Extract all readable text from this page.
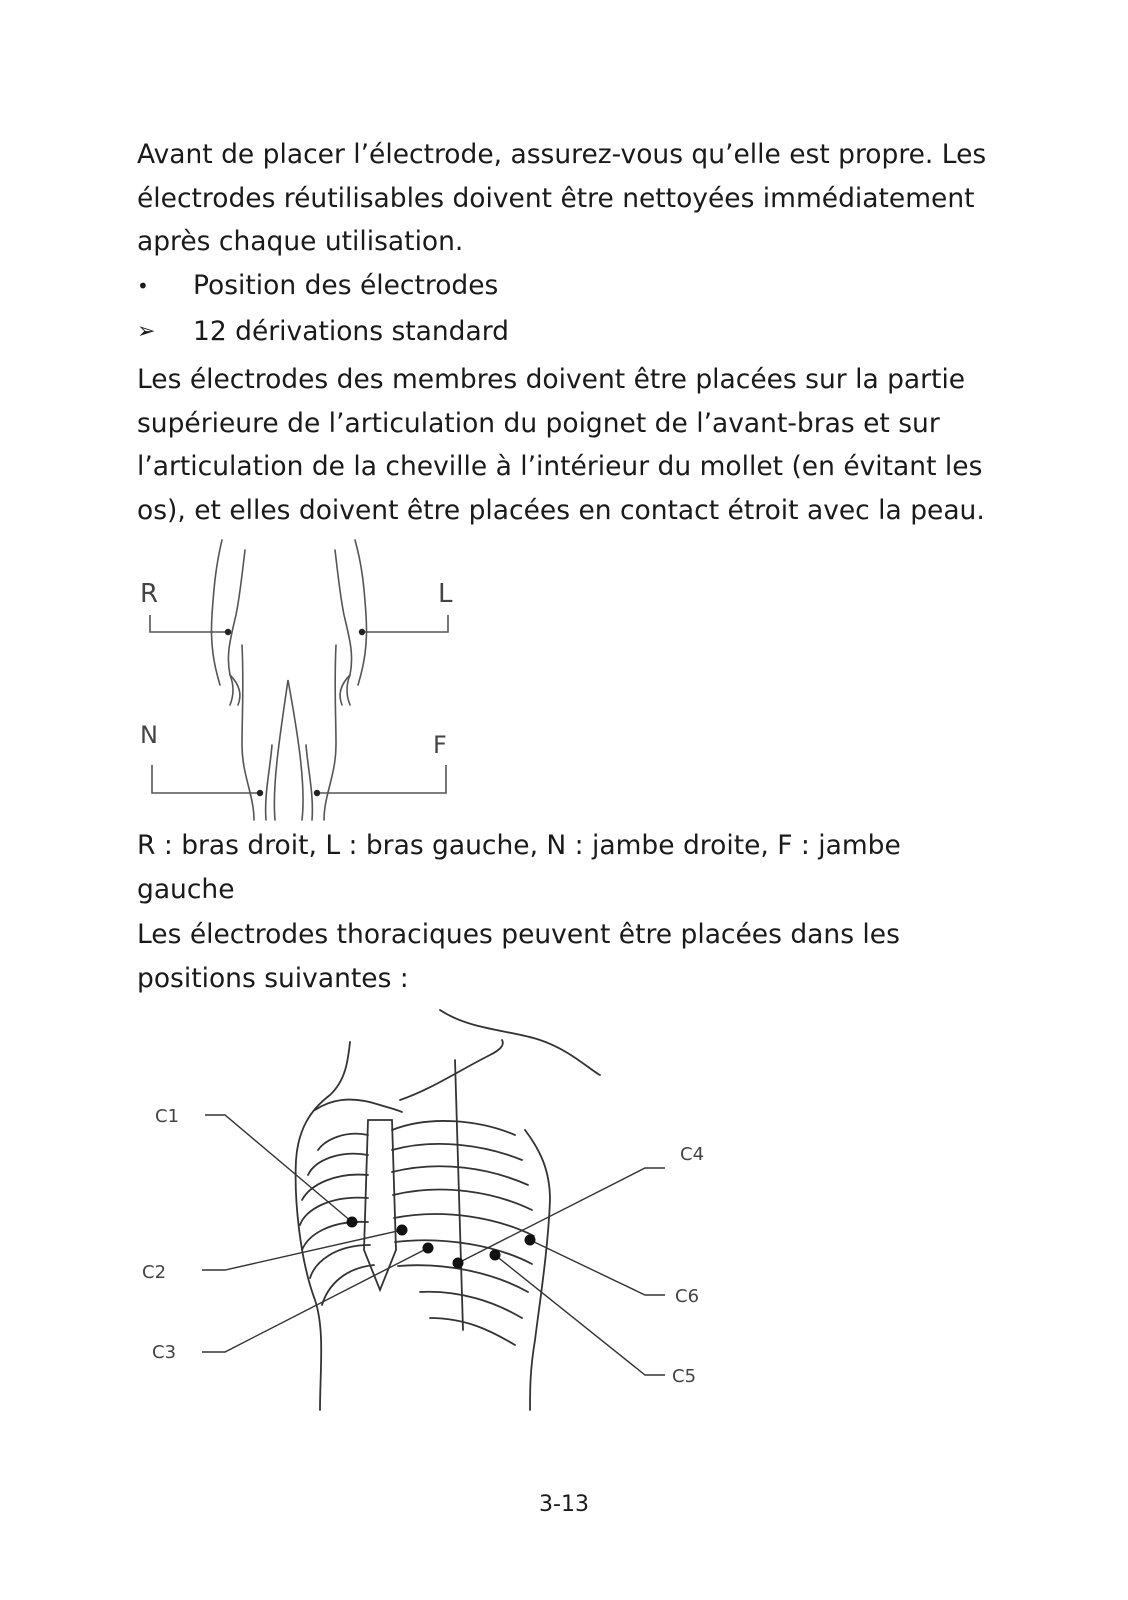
Avant de placer l’électrode, assurez-vous qu’elle est propre. Les électrodes réutilisables doivent être nettoyées immédiatement après chaque utilisation.

• Position des électrodes
➢ 12 dérivations standard

Les électrodes des membres doivent être placées sur la partie supérieure de l’articulation du poignet de l’avant-bras et sur l’articulation de la cheville à l’intérieur du mollet (en évitant les os), et elles doivent être placées en contact étroit avec la peau.

R	L
N	F

R : bras droit, L : bras gauche, N : jambe droite, F : jambe gauche

Les électrodes thoraciques peuvent être placées dans les positions suivantes :

C1
C2
C3
C4
C5
C6
3-13
